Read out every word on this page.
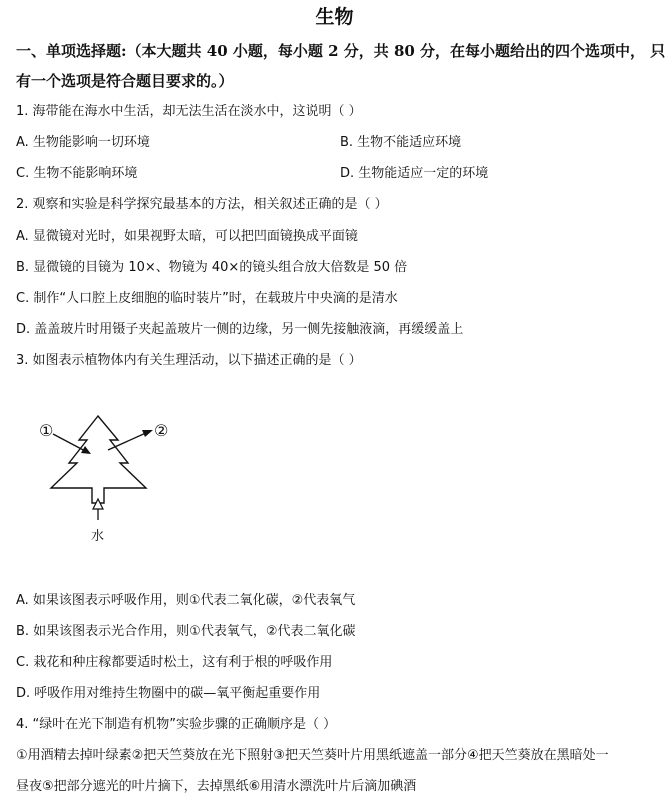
生物
一、单项选择题:（本大题共 40 小题，每小题 2 分，共 80 分，在每小题给出的四个选项中， 只
有一个选项是符合题目要求的。）
1. 海带能在海水中生活，却无法生活在淡水中，这说明（ ）
A. 生物能影响一切环境	B. 生物不能适应环境
C. 生物不能影响环境	D. 生物能适应一定的环境
2. 观察和实验是科学探究最基本的方法，相关叙述正确的是（ ）
A. 显微镜对光时，如果视野太暗，可以把凹面镜换成平面镜
B. 显微镜的目镜为 10×、物镜为 40×的镜头组合放大倍数是 50 倍
C. 制作“人口腔上皮细胞的临时装片”时，在载玻片中央滴的是清水
D. 盖盖玻片时用镊子夹起盖玻片一侧的边缘，另一侧先接触液滴，再缓缓盖上
3. 如图表示植物体内有关生理活动，以下描述正确的是（ ）
①	②
水
A. 如果该图表示呼吸作用，则①代表二氧化碳，②代表氧气
B. 如果该图表示光合作用，则①代表氧气，②代表二氧化碳
C. 栽花和种庄稼都要适时松土，这有利于根的呼吸作用
D. 呼吸作用对维持生物圈中的碳—氧平衡起重要作用
4. “绿叶在光下制造有机物”实验步骤的正确顺序是（ ）
①用酒精去掉叶绿素②把天竺葵放在光下照射③把天竺葵叶片用黑纸遮盖一部分④把天竺葵放在黑暗处一
昼夜⑤把部分遮光的叶片摘下，去掉黑纸⑥用清水漂洗叶片后滴加碘酒
